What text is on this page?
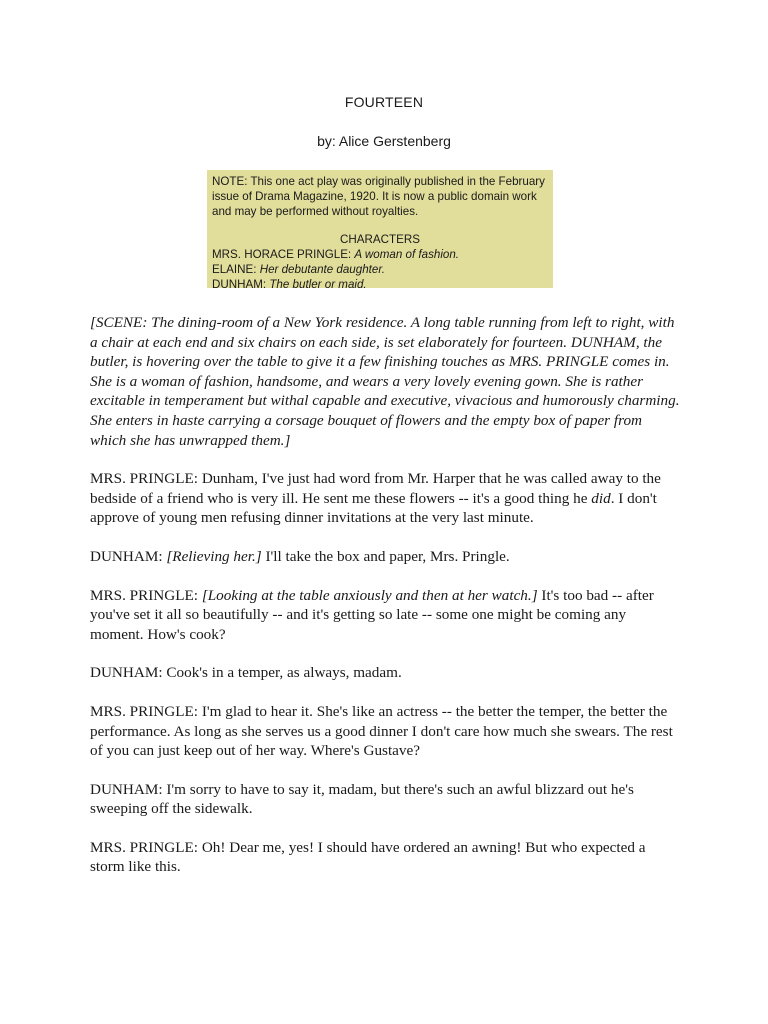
FOURTEEN
by: Alice Gerstenberg

NOTE: This one act play was originally published in the February issue of Drama Magazine, 1920. It is now a public domain work and may be performed without royalties.

CHARACTERS

MRS. HORACE PRINGLE: A woman of fashion.

ELAINE: Her debutante daughter.

DUNHAM: The butler or maid.

[SCENE: The dining-room of a New York residence. A long table running from left to right, with a chair at each end and six chairs on each side, is set elaborately for fourteen. DUNHAM, the butler, is hovering over the table to give it a few finishing touches as MRS. PRINGLE comes in. She is a woman of fashion, handsome, and wears a very lovely evening gown. She is rather excitable in temperament but withal capable and executive, vivacious and humorously charming. She enters in haste carrying a corsage bouquet of flowers and the empty box of paper from which she has unwrapped them.]

MRS. PRINGLE: Dunham, I've just had word from Mr. Harper that he was called away to the bedside of a friend who is very ill. He sent me these flowers -- it's a good thing he did. I don't approve of young men refusing dinner invitations at the very last minute.

DUNHAM: [Relieving her.] I'll take the box and paper, Mrs. Pringle.

MRS. PRINGLE: [Looking at the table anxiously and then at her watch.] It's too bad -- after you've set it all so beautifully -- and it's getting so late -- some one might be coming any moment. How's cook?

DUNHAM: Cook's in a temper, as always, madam.

MRS. PRINGLE: I'm glad to hear it. She's like an actress -- the better the temper, the better the performance. As long as she serves us a good dinner I don't care how much she swears. The rest of you can just keep out of her way. Where's Gustave?

DUNHAM: I'm sorry to have to say it, madam, but there's such an awful blizzard out he's sweeping off the sidewalk.

MRS. PRINGLE: Oh! Dear me, yes! I should have ordered an awning! But who expected a storm like this.
